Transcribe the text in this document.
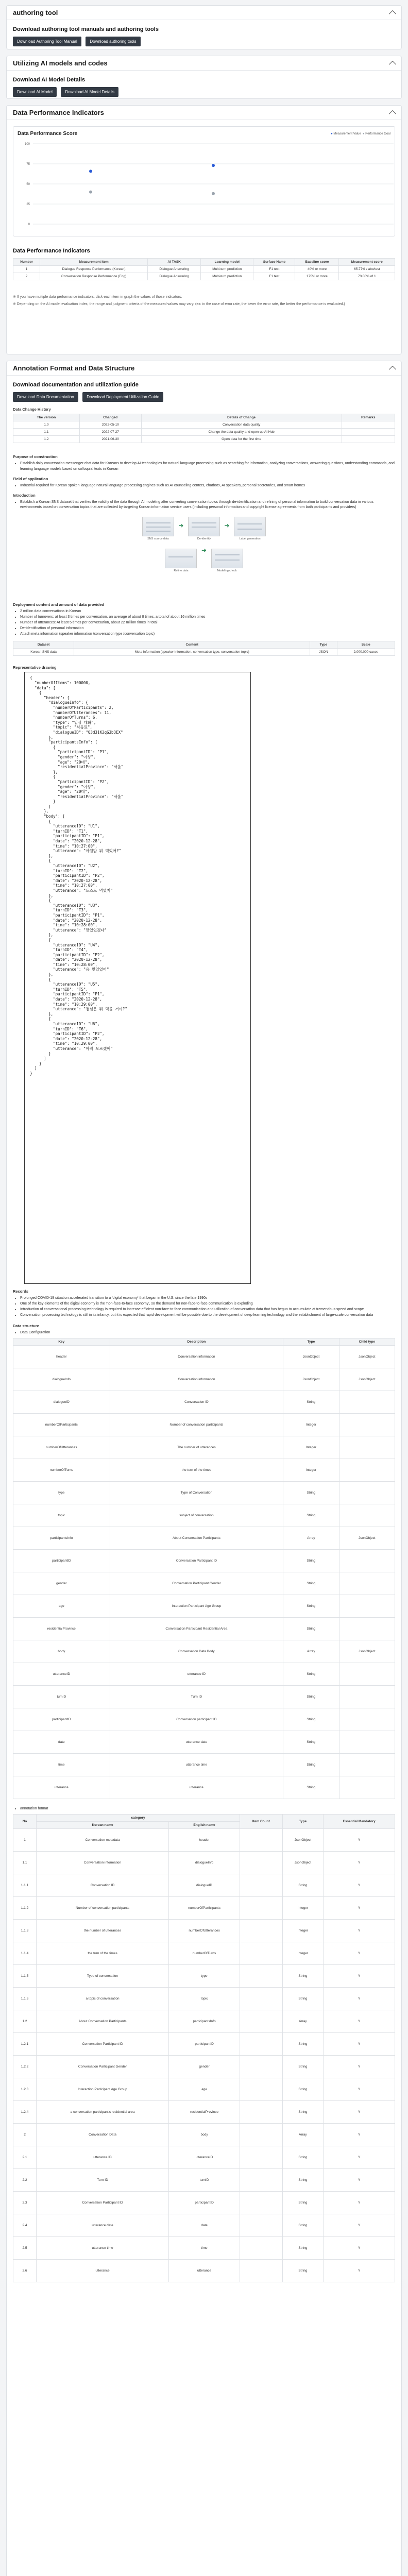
authoring tool
Download authoring tool manuals and authoring tools
Download Authoring Tool Manual	Download authoring tools
Utilizing AI models and codes
Download AI Model Details
Download AI Model	Download AI Model Details
Data Performance Indicators
Data Performance Score	● Measurement Value ● Performance Goal
100
75
50
25
0
Data Performance Indicators
Number	Measurement item	AI TASK	Learning model	Surface Name	Baseline score	Measurement score
1	Dialogue Response Performance (Korean)	Dialogue Answering	Multi-turn prediction	F1 test	40% or more	65.77% / abc/test
2	Conversation Response Performance (Eng)	Dialogue Answering	Multi-turn prediction	F1 test	175% or more	73.00% of 1
※ If you have multiple data performance indicators, click each item in graph the values of those indicators.
※ Depending on the AI model evaluation index, the range and judgment criteria of the measured values may vary. (ex: in the case of error rate, the lower the error rate, the better the performance is evaluated.)
Annotation Format and Data Structure
Download documentation and utilization guide
Download Data Documentation	Download Deployment Utilization Guide
Data Change History
The version	Changed	Details of Change	Remarks
1.0	2022-05-10	Conversation data quality	
1.1	2022-07-27	Change the data quality and open-up AI Hub	
1.2	2021-06-30	Open data for the first time	
Purpose of construction
• Establish daily conversation messenger chat data for Koreans to develop AI technologies for natural language processing such as searching for information, analyzing conversations, answering questions, understanding commands, and learning language models based on colloquial texts in Korean
Field of application
• Industrial-required for Korean spoken language natural language processing engines such as AI counseling centers, chatbots, AI speakers, personal secretaries, and smart homes
Introduction
• Establish a Korean SNS dataset that verifies the validity of the data through AI modeling after converting conversation topics through de-identification and refining of personal information to build conversation data in various environments based on conversation topics that are collected by targeting Korean information service users (including personal information and copyright license agreements from both participants and providers)
SNS source data
➜
De-identify
➜
Label generation

Refine data
➜
Modeling check
Deployment content and amount of data provided
• 2 million data conversations in Korean
• Number of turnovers: at least 3 times per conversation, an average of about 8 times, a total of about 16 million times
• Number of utterances: At least 5 times per conversation, about 22 million times in total
• De-identification of personal information
• Attach meta information (speaker information /conversation type /conversation topic)
Dataset	Content	Type	Scale
Korean SNS data	Meta information (speaker information, conversation type, conversation topic)	JSON	2,000,000 cases
Representative drawing
{
"numberOfItems": 100000,
"data": [
{
"header": {
"dialogueInfo": {
"numberOfParticipants": 2,
"numberOfUtterances": 11,
"numberOfTurns": 6,
"type": "일상 대화",
"topic": "식음료",
"dialogueID": "Q3d31K2qG3b3EX"
},
"participantsInfo": [
{
"participantID": "P1",
"gender": "여성",
"age": "20대",
"residentialProvince": "서울"
},
{
"participantID": "P2",
"gender": "여성",
"age": "20대",
"residentialProvince": "서울"
}
]
},
"body": [
{
"utteranceID": "U1",
"turnID": "T1",
"participantID": "P1",
"date": "2020-12-28",
"time": "10:27:00",
"utterance": "아침밥 뭐 먹었어?"
},
{
"utteranceID": "U2",
"turnID": "T2",
"participantID": "P2",
"date": "2020-12-28",
"time": "10:27:00",
"utterance": "토스트 먹었지"
},
{
"utteranceID": "U3",
"turnID": "T3",
"participantID": "P1",
"date": "2020-12-28",
"time": "10:28:00",
"utterance": "맛있었겠다"
},
{
"utteranceID": "U4",
"turnID": "T4",
"participantID": "P2",
"date": "2020-12-28",
"time": "10:28:00",
"utterance": "응 맛있었어"
},
{
"utteranceID": "U5",
"turnID": "T5",
"participantID": "P1",
"date": "2020-12-28",
"time": "10:29:00",
"utterance": "점심은 뭐 먹을 거야?"
},
{
"utteranceID": "U6",
"turnID": "T6",
"participantID": "P2",
"date": "2020-12-28",
"time": "10:29:00",
"utterance": "아직 모르겠어"
}
]
}
]
}
Records
• Prolonged COVID-19 situation accelerated transition to a 'digital economy' that began in the U.S. since the late 1990s
• One of the key elements of the digital economy is the 'non-face-to-face economy', so the demand for non-face-to-face communication is exploding
• Introduction of conversational processing technology is required to increase efficient non-face-to-face communication and utilization of conversation data that has begun to accumulate at tremendous speed and scope
• Conversation processing technology is still in its infancy, but it is expected that rapid development will be possible due to the development of deep learning technology and the establishment of large-scale conversation data
Data structure
• Data Configuration
Key	Description	Type	Child type
header	Conversation information	JsonObject	JsonObject
dialogueInfo	Conversation information	JsonObject	JsonObject
dialogueID	Conversation ID	String	
numberOfParticipants	Number of conversation participants	Integer	
numberOfUtterances	The number of utterances	Integer	
numberOfTurns	the turn of the times	Integer	
type	Type of Conversation	String	
topic	subject of conversation	String	
participantsInfo	About Conversation Participants	Array	JsonObject
participantID	Conversation Participant ID	String	
gender	Conversation Participant Gender	String	
age	Interaction Participant Age Group	String	
residentialProvince	Conversation Participant Residential Area	String	
body	Conversation Data Body	Array	JsonObject
utteranceID	utterance ID	String	
turnID	Turn ID	String	
participantID	Conversation participant ID	String	
date	utterance date	String	
time	utterance time	String	
utterance	utterance	String	
• annotation format
No	category		Item Count	Type	Essential Mandatory
	Korean name	English name			
1	Conversation metadata	header		JsonObject	Y
1.1	Conversation information	dialogueInfo		JsonObject	Y
1.1.1	Conversation ID	dialogueID		String	Y
1.1.2	Number of conversation participants	numberOfParticipants		Integer	Y
1.1.3	the number of utterances	numberOfUtterances		Integer	Y
1.1.4	the turn of the times	numberOfTurns		Integer	Y
1.1.5	Type of conversation	type		String	Y
1.1.6	a topic of conversation	topic		String	Y
1.2	About Conversation Participants	participantsInfo		Array	Y
1.2.1	Conversation Participant ID	participantID		String	Y
1.2.2	Conversation Participant Gender	gender		String	Y
1.2.3	Interaction Participant Age Group	age		String	Y
1.2.4	a conversation participant's residential area	residentialProvince		String	Y
2	Conversation Data	body		Array	Y
2.1	utterance ID	utteranceID		String	Y
2.2	Turn ID	turnID		String	Y
2.3	Conversation Participant ID	participantID		String	Y
2.4	utterance date	date		String	Y
2.5	utterance time	time		String	Y
2.6	utterance	utterance		String	Y
